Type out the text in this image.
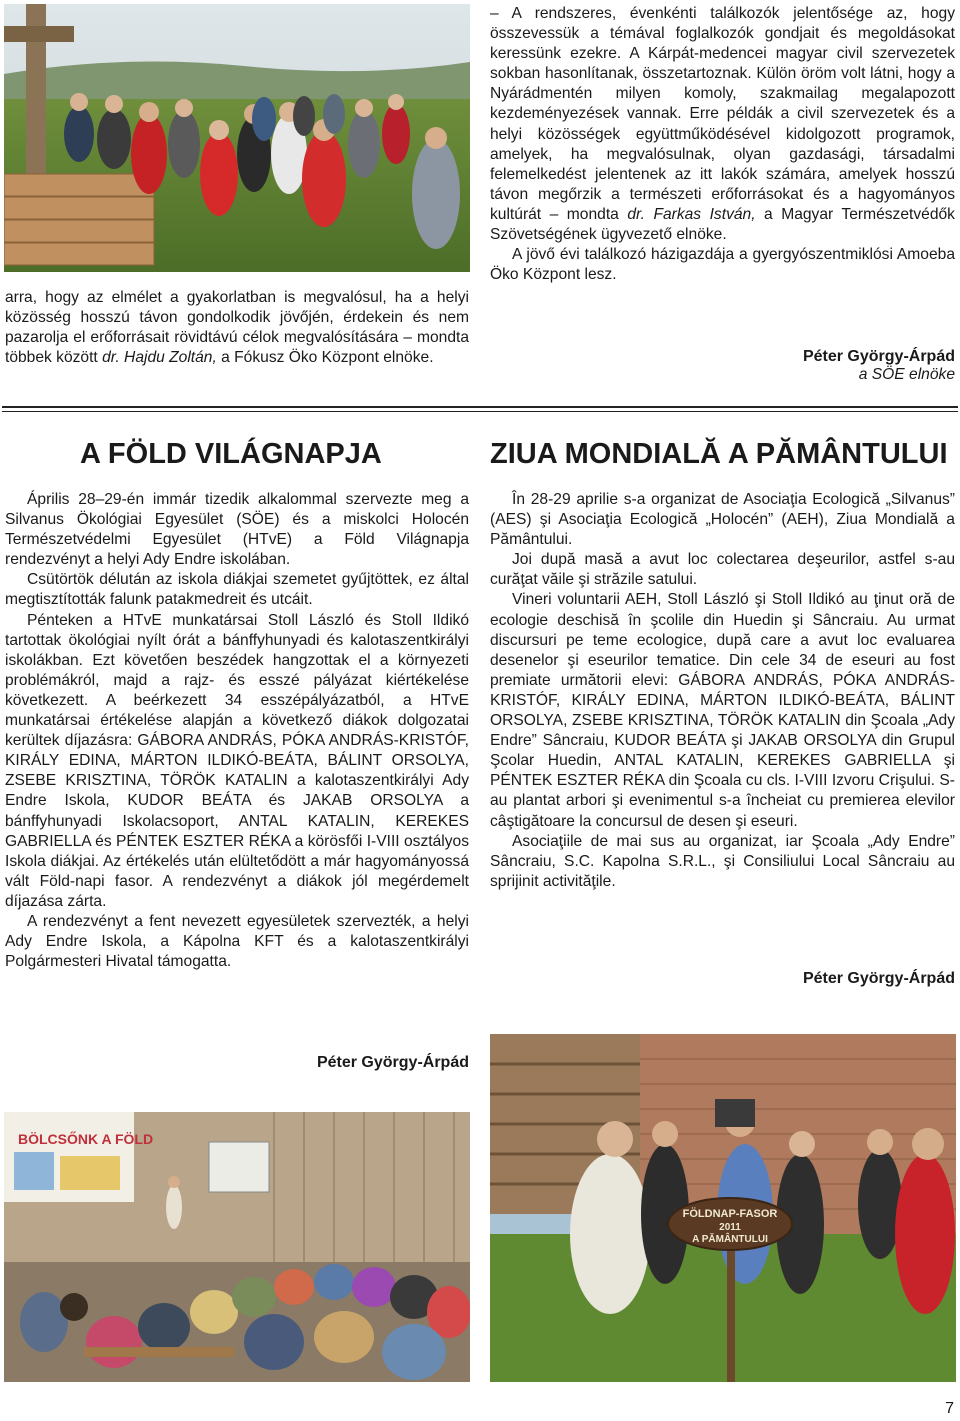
arra, hogy az elmélet a gyakorlatban is megvalósul, ha a helyi közösség hosszú távon gondolkodik jövőjén, érdekein és nem pazarolja el erőforrásait rövidtávú célok megvalósítására – mondta többek között dr. Hajdu Zoltán, a Fókusz Öko Központ elnöke.

– A rendszeres, évenkénti találkozók jelentősége az, hogy összevessük a témával foglalkozók gondjait és megoldásokat keressünk ezekre. A Kárpát-medencei magyar civil szervezetek sokban hasonlítanak, összetartoznak. Külön öröm volt látni, hogy a Nyárádmentén milyen komoly, szakmailag megalapozott kezdeményezések vannak. Erre példák a civil szervezetek és a helyi közösségek együttműködésével kidolgozott programok, amelyek, ha megvalósulnak, olyan gazdasági, társadalmi felemelkedést jelentenek az itt lakók számára, amelyek hosszú távon megőrzik a természeti erőforrásokat és a hagyományos kultúrát – mondta dr. Farkas István, a Magyar Természetvédők Szövetségének ügyvezető elnöke.

A jövő évi találkozó házigazdája a gyergyószentmiklósi Amoeba Öko Központ lesz.

Péter György-Árpád
a SÖE elnöke
A FÖLD VILÁGNAPJA	ZIUA MONDIALĂ A PĂMÂNTULUI

Április 28–29-én immár tizedik alkalommal szervezte meg a Silvanus Ökológiai Egyesület (SÖE) és a miskolci Holocén Természetvédelmi Egyesület (HTvE) a Föld Világnapja rendezvényt a helyi Ady Endre iskolában.

Csütörtök délután az iskola diákjai szemetet gyűjtöttek, ez által megtisztították falunk patakmedreit és utcáit.

Pénteken a HTvE munkatársai Stoll László és Stoll Ildikó tartottak ökológiai nyílt órát a bánffyhunyadi és kalotaszentkirályi iskolákban. Ezt követően beszédek hangzottak el a környezeti problémákról, majd a rajz- és esszé pályázat kiértékelése következett. A beérkezett 34 esszépályázatból, a HTvE munkatársai értékelése alapján a következő diákok dolgozatai kerültek díjazásra: GÁBORA ANDRÁS, PÓKA ANDRÁS-KRISTÓF, KIRÁLY EDINA, MÁRTON ILDIKÓ-BEÁTA, BÁLINT ORSOLYA, ZSEBE KRISZTINA, TÖRÖK KATALIN a kalotaszentkirályi Ady Endre Iskola, KUDOR BEÁTA és JAKAB ORSOLYA a bánffyhunyadi Iskolacsoport, ANTAL KATALIN, KEREKES GABRIELLA és PÉNTEK ESZTER RÉKA a körösfői I-VIII osztályos Iskola diákjai. Az értékelés után elültetődött a már hagyományossá vált Föld-napi fasor. A rendezvényt a diákok jól megérdemelt díjazása zárta.

A rendezvényt a fent nevezett egyesületek szervezték, a helyi Ady Endre Iskola, a Kápolna KFT és a kalotaszentkirályi Polgármesteri Hivatal támogatta.

Péter György-Árpád

În 28-29 aprilie s-a organizat de Asociaţia Ecologică „Silvanus” (AES) şi Asociaţia Ecologică „Holocén” (AEH), Ziua Mondială a Pământului.

Joi după masă a avut loc colectarea deşeurilor, astfel s-au curăţat văile şi străzile satului.

Vineri voluntarii AEH, Stoll László şi Stoll Ildikó au ţinut oră de ecologie deschisă în şcolile din Huedin şi Sâncraiu. Au urmat discursuri pe teme ecologice, după care a avut loc evaluarea desenelor şi eseurilor tematice. Din cele 34 de eseuri au fost premiate următorii elevi: GÁBORA ANDRÁS, PÓKA ANDRÁS-KRISTÓF, KIRÁLY EDINA, MÁRTON ILDIKÓ-BEÁTA, BÁLINT ORSOLYA, ZSEBE KRISZTINA, TÖRÖK KATALIN din Şcoala „Ady Endre” Sâncraiu, KUDOR BEÁTA şi JAKAB ORSOLYA din Grupul Şcolar Huedin, ANTAL KATALIN, KEREKES GABRIELLA şi PÉNTEK ESZTER RÉKA din Şcoala cu cls. I-VIII Izvoru Crişului. S-au plantat arbori şi evenimentul s-a încheiat cu premierea elevilor câştigătoare la concursul de desen şi eseuri.

Asociaţiile de mai sus au organizat, iar Şcoala „Ady Endre” Sâncraiu, S.C. Kapolna S.R.L., şi Consiliului Local Sâncraiu au sprijinit activităţile.

Péter György-Árpád
BÖLCSŐNK A FÖLD
FÖLDNAP-FASOR
2011
A PĂMÂNTULUI
7
